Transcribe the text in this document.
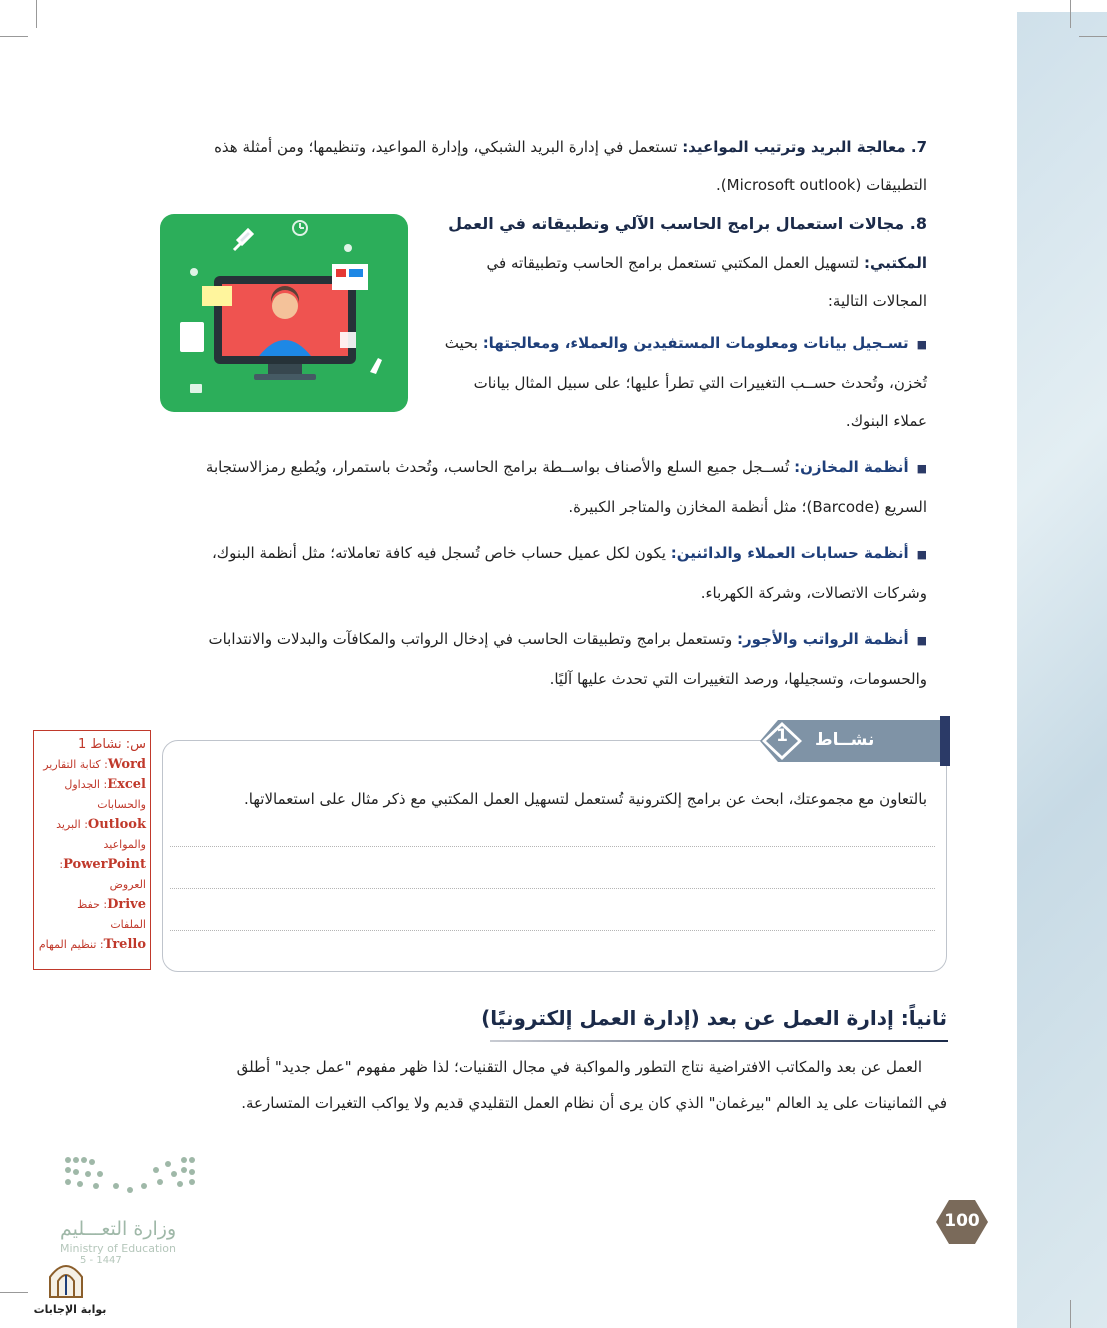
7. معالجة البريد وترتيب المواعيد: تستعمل في إدارة البريد الشبكي، وإدارة المواعيد، وتنظيمها؛ ومن أمثلة هذه
التطبيقات (Microsoft outlook).
8. مجالات استعمال برامج الحاسب الآلي وتطبيقاته في العمل
المكتبي: لتسهيل العمل المكتبي تستعمل برامج الحاسب وتطبيقاته في
المجالات التالية:
■تسـجيل بيانات ومعلومات المستفيدين والعملاء، ومعالجتها: بحيث
تُخزن، وتُحدث حســب التغييرات التي تطرأ عليها؛ على سبيل المثال بيانات
عملاء البنوك.
■أنظمة المخازن: تُســجل جميع السلع والأصناف بواســطة برامج الحاسب، وتُحدث باستمرار، ويُطبع رمزالاستجابة
السريع (Barcode)؛ مثل أنظمة المخازن والمتاجر الكبيرة.
■أنظمة حسابات العملاء والدائنين: يكون لكل عميل حساب خاص تُسجل فيه كافة تعاملاته؛ مثل أنظمة البنوك،
وشركات الاتصالات، وشركة الكهرباء.
■أنظمة الرواتب والأجور: وتستعمل برامج وتطبيقات الحاسب في إدخال الرواتب والمكافآت والبدلات والانتدابات
والحسومات، وتسجيلها، ورصد التغييرات التي تحدث عليها آليًا.
1	نشــاط
بالتعاون مع مجموعتك، ابحث عن برامج إلكترونية تُستعمل لتسهيل العمل المكتبي مع ذكر مثال على استعمالاتها.
س: نشاط 1
Word: كتابة التقارير
Excel: الجداول
والحسابات
Outlook: البريد
والمواعيد
PowerPoint:
العروض
Drive: حفظ
الملفات
Trello: تنظيم المهام
ثانياً: إدارة العمل عن بعد (إدارة العمل إلكترونيًا)
العمل عن بعد والمكاتب الافتراضية نتاج التطور والمواكبة في مجال التقنيات؛ لذا ظهر مفهوم "عمل جديد" أطلق
في الثمانينات على يد العالم "بيرغمان" الذي كان يرى أن نظام العمل التقليدي قديم ولا يواكب التغيرات المتسارعة.
100
وزارة التعـــليم
Ministry of Education
5 - 1447
بوابة الإجابات
